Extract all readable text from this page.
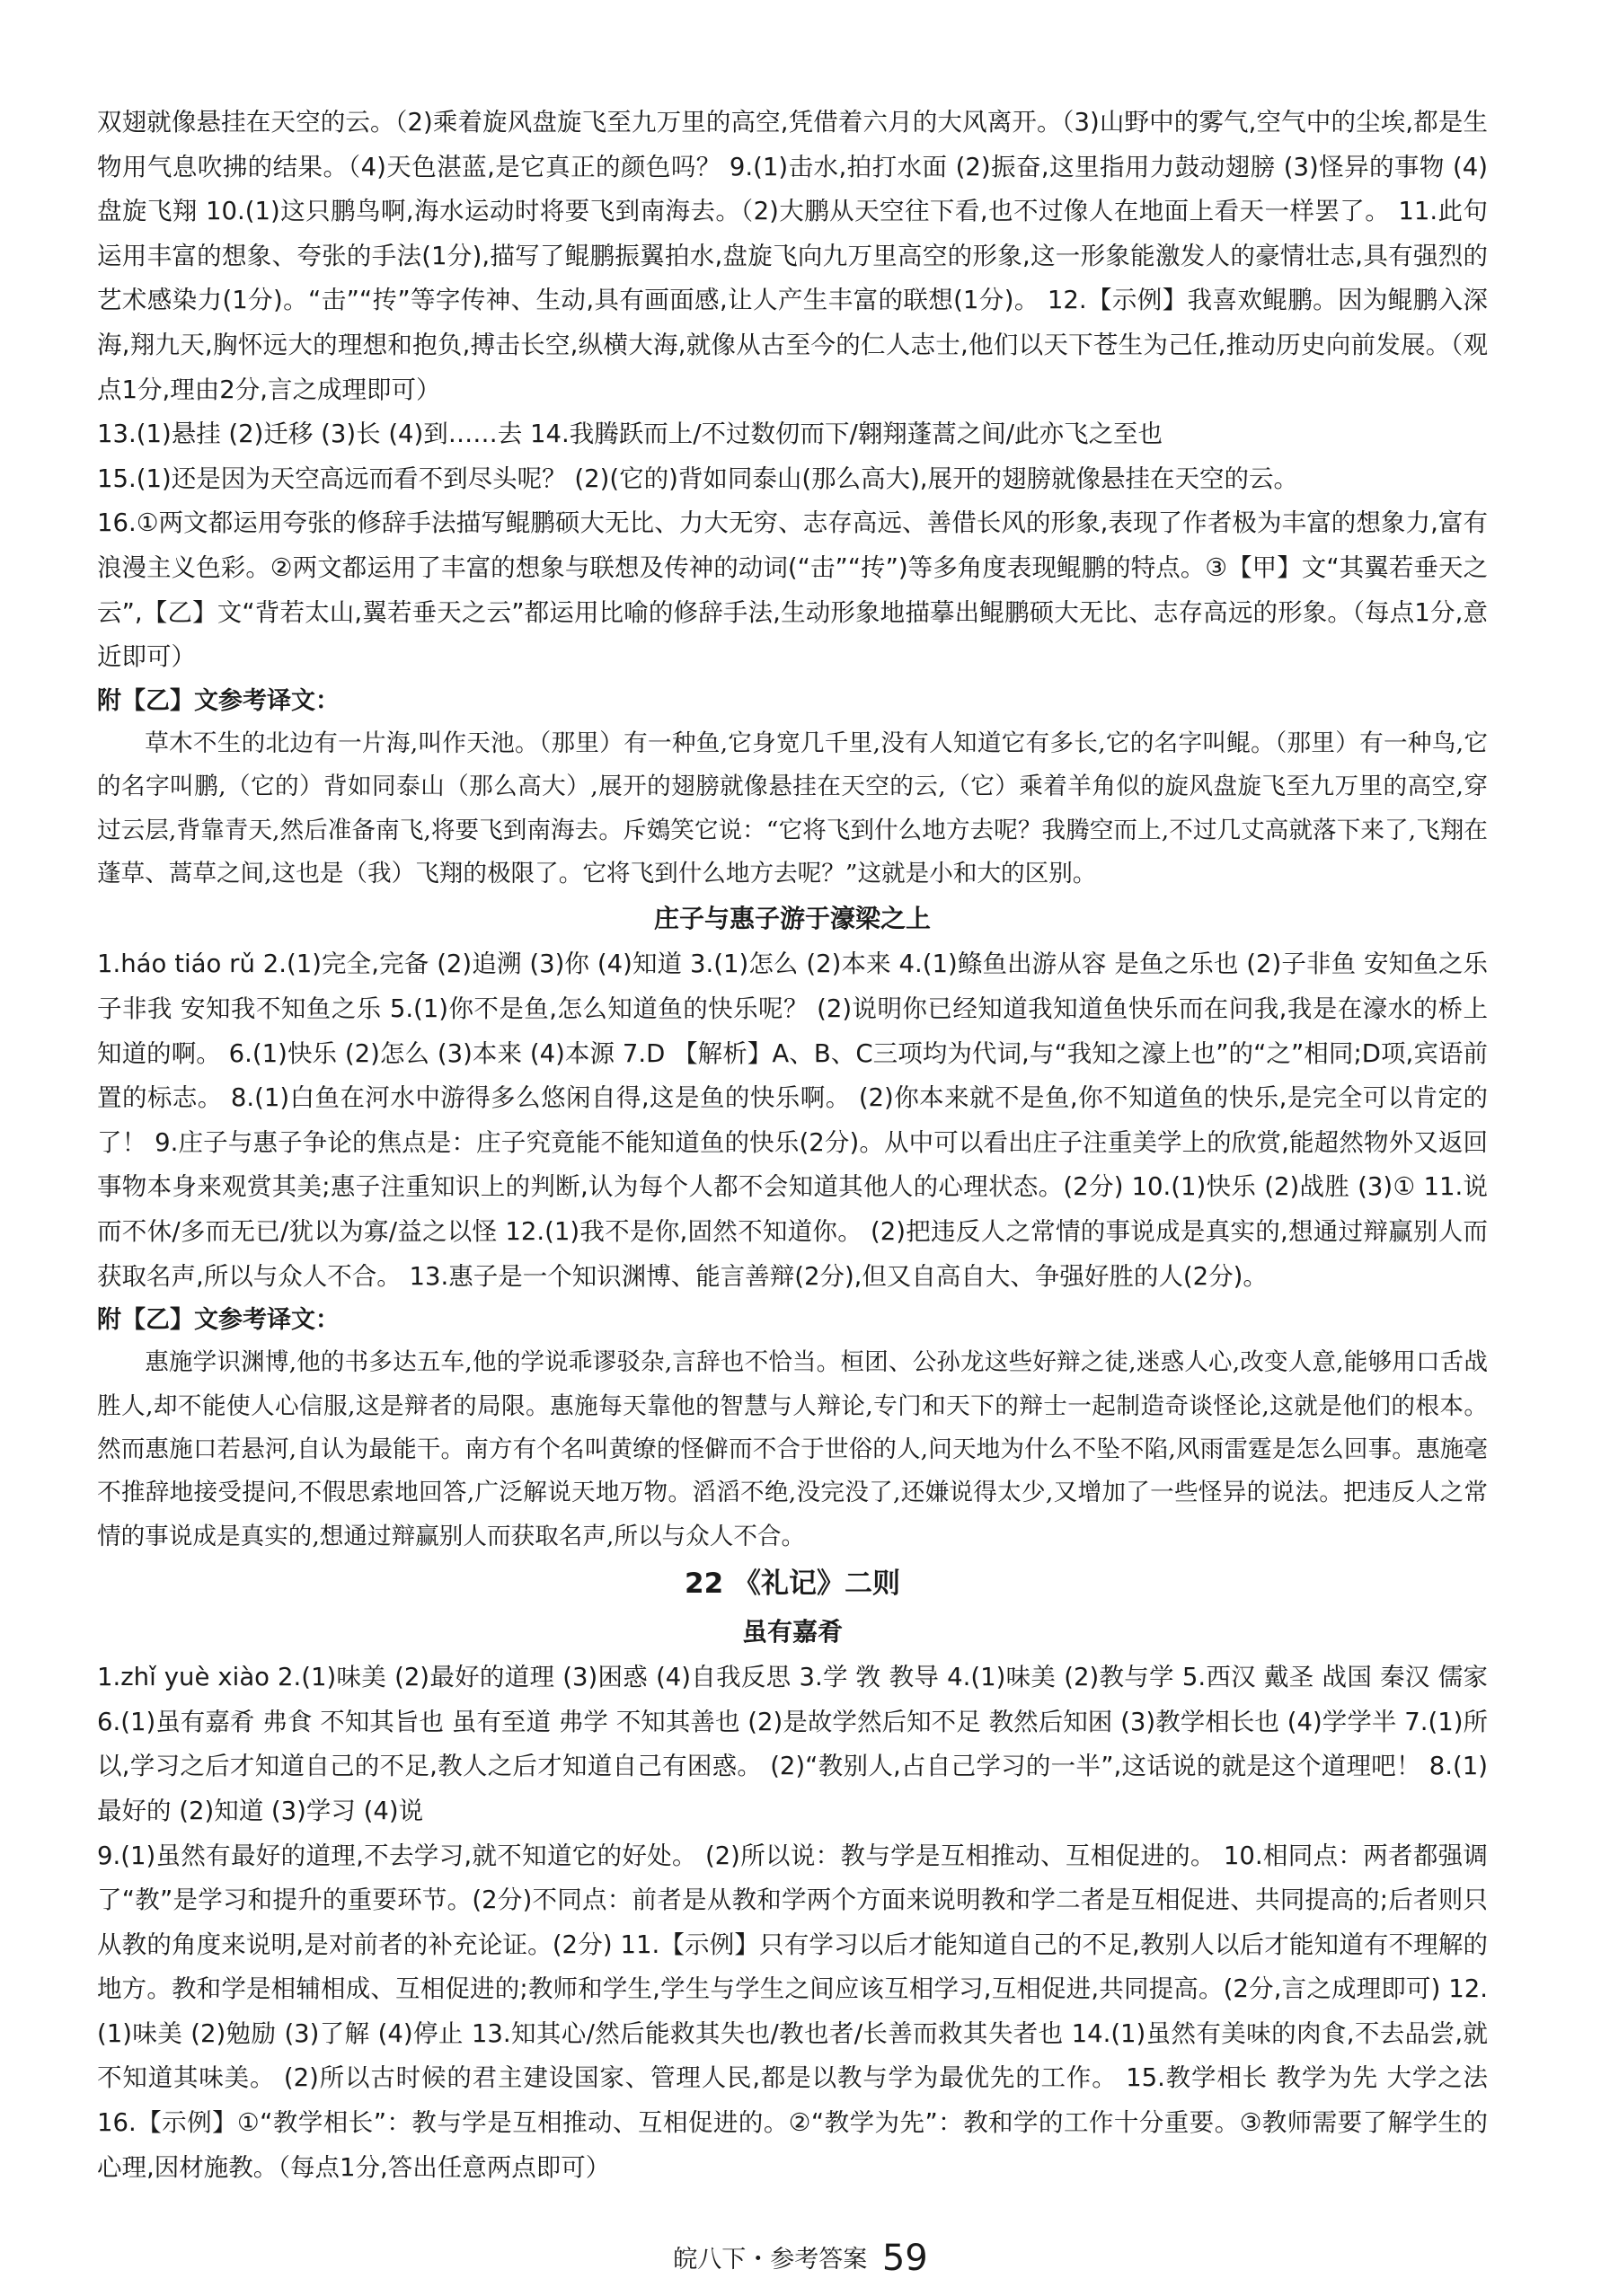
双翅就像悬挂在天空的云。（2)乘着旋风盘旋飞至九万里的高空,凭借着六月的大风离开。（3)山野中的雾气,空气中的尘埃,都是生物用气息吹拂的结果。（4)天色湛蓝,是它真正的颜色吗？ 9.(1)击水,拍打水面 (2)振奋,这里指用力鼓动翅膀 (3)怪异的事物 (4)盘旋飞翔 10.(1)这只鹏鸟啊,海水运动时将要飞到南海去。（2)大鹏从天空往下看,也不过像人在地面上看天一样罢了。 11.此句运用丰富的想象、夸张的手法(1分),描写了鲲鹏振翼拍水,盘旋飞向九万里高空的形象,这一形象能激发人的豪情壮志,具有强烈的艺术感染力(1分)。“击”“抟”等字传神、生动,具有画面感,让人产生丰富的联想(1分)。 12.【示例】我喜欢鲲鹏。因为鲲鹏入深海,翔九天,胸怀远大的理想和抱负,搏击长空,纵横大海,就像从古至今的仁人志士,他们以天下苍生为己任,推动历史向前发展。（观点1分,理由2分,言之成理即可）

13.(1)悬挂 (2)迁移 (3)长 (4)到……去 14.我腾跃而上/不过数仞而下/翱翔蓬蒿之间/此亦飞之至也

15.(1)还是因为天空高远而看不到尽头呢？ (2)(它的)背如同泰山(那么高大),展开的翅膀就像悬挂在天空的云。

16.①两文都运用夸张的修辞手法描写鲲鹏硕大无比、力大无穷、志存高远、善借长风的形象,表现了作者极为丰富的想象力,富有浪漫主义色彩。②两文都运用了丰富的想象与联想及传神的动词(“击”“抟”)等多角度表现鲲鹏的特点。③【甲】文“其翼若垂天之云”,【乙】文“背若太山,翼若垂天之云”都运用比喻的修辞手法,生动形象地描摹出鲲鹏硕大无比、志存高远的形象。（每点1分,意近即可）

附【乙】文参考译文：

草木不生的北边有一片海,叫作天池。（那里）有一种鱼,它身宽几千里,没有人知道它有多长,它的名字叫鲲。（那里）有一种鸟,它的名字叫鹏,（它的）背如同泰山（那么高大）,展开的翅膀就像悬挂在天空的云,（它）乘着羊角似的旋风盘旋飞至九万里的高空,穿过云层,背靠青天,然后准备南飞,将要飞到南海去。斥鴳笑它说：“它将飞到什么地方去呢？我腾空而上,不过几丈高就落下来了,飞翔在蓬草、蒿草之间,这也是（我）飞翔的极限了。它将飞到什么地方去呢？”这就是小和大的区别。

庄子与惠子游于濠梁之上

1.háo tiáo rǔ 2.(1)完全,完备 (2)追溯 (3)你 (4)知道 3.(1)怎么 (2)本来 4.(1)鲦鱼出游从容 是鱼之乐也 (2)子非鱼 安知鱼之乐 子非我 安知我不知鱼之乐 5.(1)你不是鱼,怎么知道鱼的快乐呢？ (2)说明你已经知道我知道鱼快乐而在问我,我是在濠水的桥上知道的啊。 6.(1)快乐 (2)怎么 (3)本来 (4)本源 7.D 【解析】A、B、C三项均为代词,与“我知之濠上也”的“之”相同;D项,宾语前置的标志。 8.(1)白鱼在河水中游得多么悠闲自得,这是鱼的快乐啊。 (2)你本来就不是鱼,你不知道鱼的快乐,是完全可以肯定的了！ 9.庄子与惠子争论的焦点是：庄子究竟能不能知道鱼的快乐(2分)。从中可以看出庄子注重美学上的欣赏,能超然物外又返回事物本身来观赏其美;惠子注重知识上的判断,认为每个人都不会知道其他人的心理状态。(2分) 10.(1)快乐 (2)战胜 (3)① 11.说而不休/多而无已/犹以为寡/益之以怪 12.(1)我不是你,固然不知道你。 (2)把违反人之常情的事说成是真实的,想通过辩赢别人而获取名声,所以与众人不合。 13.惠子是一个知识渊博、能言善辩(2分),但又自高自大、争强好胜的人(2分)。

附【乙】文参考译文：

惠施学识渊博,他的书多达五车,他的学说乖谬驳杂,言辞也不恰当。桓团、公孙龙这些好辩之徒,迷惑人心,改变人意,能够用口舌战胜人,却不能使人心信服,这是辩者的局限。惠施每天靠他的智慧与人辩论,专门和天下的辩士一起制造奇谈怪论,这就是他们的根本。然而惠施口若悬河,自认为最能干。南方有个名叫黄缭的怪僻而不合于世俗的人,问天地为什么不坠不陷,风雨雷霆是怎么回事。惠施毫不推辞地接受提问,不假思索地回答,广泛解说天地万物。滔滔不绝,没完没了,还嫌说得太少,又增加了一些怪异的说法。把违反人之常情的事说成是真实的,想通过辩赢别人而获取名声,所以与众人不合。

22 《礼记》二则

虽有嘉肴

1.zhǐ yuè xiào 2.(1)味美 (2)最好的道理 (3)困惑 (4)自我反思 3.学 敩 教导 4.(1)味美 (2)教与学 5.西汉 戴圣 战国 秦汉 儒家 6.(1)虽有嘉肴 弗食 不知其旨也 虽有至道 弗学 不知其善也 (2)是故学然后知不足 教然后知困 (3)教学相长也 (4)学学半 7.(1)所以,学习之后才知道自己的不足,教人之后才知道自己有困惑。 (2)“教别人,占自己学习的一半”,这话说的就是这个道理吧！ 8.(1)最好的 (2)知道 (3)学习 (4)说

9.(1)虽然有最好的道理,不去学习,就不知道它的好处。 (2)所以说：教与学是互相推动、互相促进的。 10.相同点：两者都强调了“教”是学习和提升的重要环节。(2分)不同点：前者是从教和学两个方面来说明教和学二者是互相促进、共同提高的;后者则只从教的角度来说明,是对前者的补充论证。(2分) 11.【示例】只有学习以后才能知道自己的不足,教别人以后才能知道有不理解的地方。教和学是相辅相成、互相促进的;教师和学生,学生与学生之间应该互相学习,互相促进,共同提高。(2分,言之成理即可) 12.(1)味美 (2)勉励 (3)了解 (4)停止 13.知其心/然后能救其失也/教也者/长善而救其失者也 14.(1)虽然有美味的肉食,不去品尝,就不知道其味美。 (2)所以古时候的君主建设国家、管理人民,都是以教与学为最优先的工作。 15.教学相长 教学为先 大学之法 16.【示例】①“教学相长”：教与学是互相推动、互相促进的。②“教学为先”：教和学的工作十分重要。③教师需要了解学生的心理,因材施教。（每点1分,答出任意两点即可）

皖八下・参考答案 59
